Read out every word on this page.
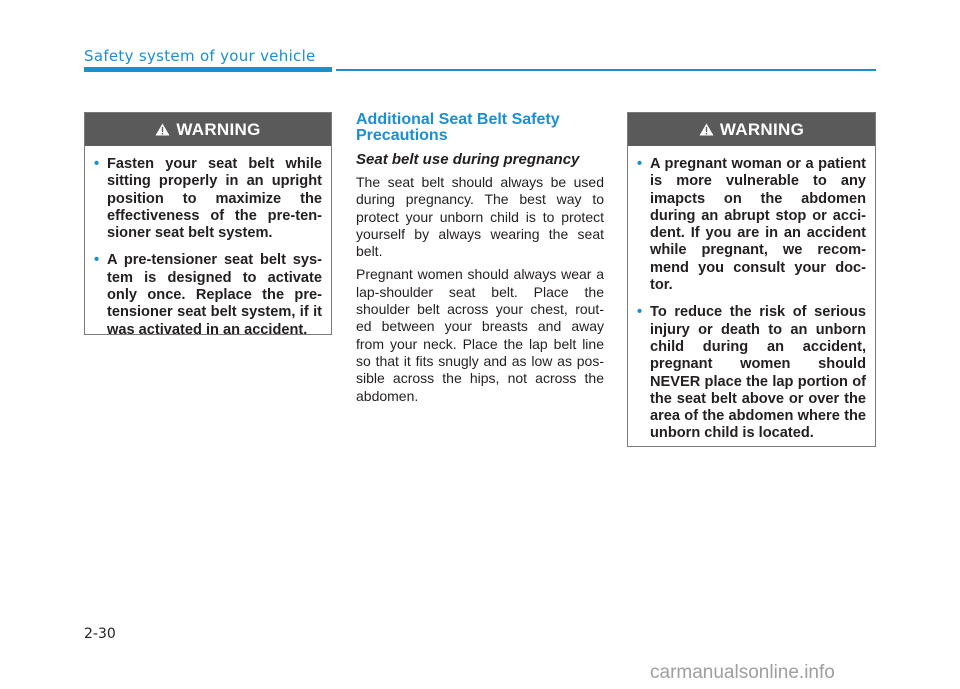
Safety system of your vehicle
WARNING
• Fasten your seat belt while sitting properly in an upright position to maximize the effectiveness of the pre-ten- sioner seat belt system.
• A pre-tensioner seat belt sys- tem is designed to activate only once. Replace the pre- tensioner seat belt system, if it was activated in an accident.
Additional Seat Belt Safety Precautions
Seat belt use during pregnancy

The seat belt should always be used during pregnancy. The best way to protect your unborn child is to protect yourself by always wearing the seat belt.

Pregnant women should always wear a lap-shoulder seat belt. Place the shoulder belt across your chest, rout- ed between your breasts and away from your neck. Place the lap belt line so that it fits snugly and as low as pos- sible across the hips, not across the abdomen.

WARNING
• A pregnant woman or a patient is more vulnerable to any imapcts on the abdomen during an abrupt stop or acci- dent. If you are in an accident while pregnant, we recom- mend you consult your doc- tor.
• To reduce the risk of serious injury or death to an unborn child during an accident, pregnant women should NEVER place the lap portion of the seat belt above or over the area of the abdomen where the unborn child is located.
2-30
carmanualsonline.info
